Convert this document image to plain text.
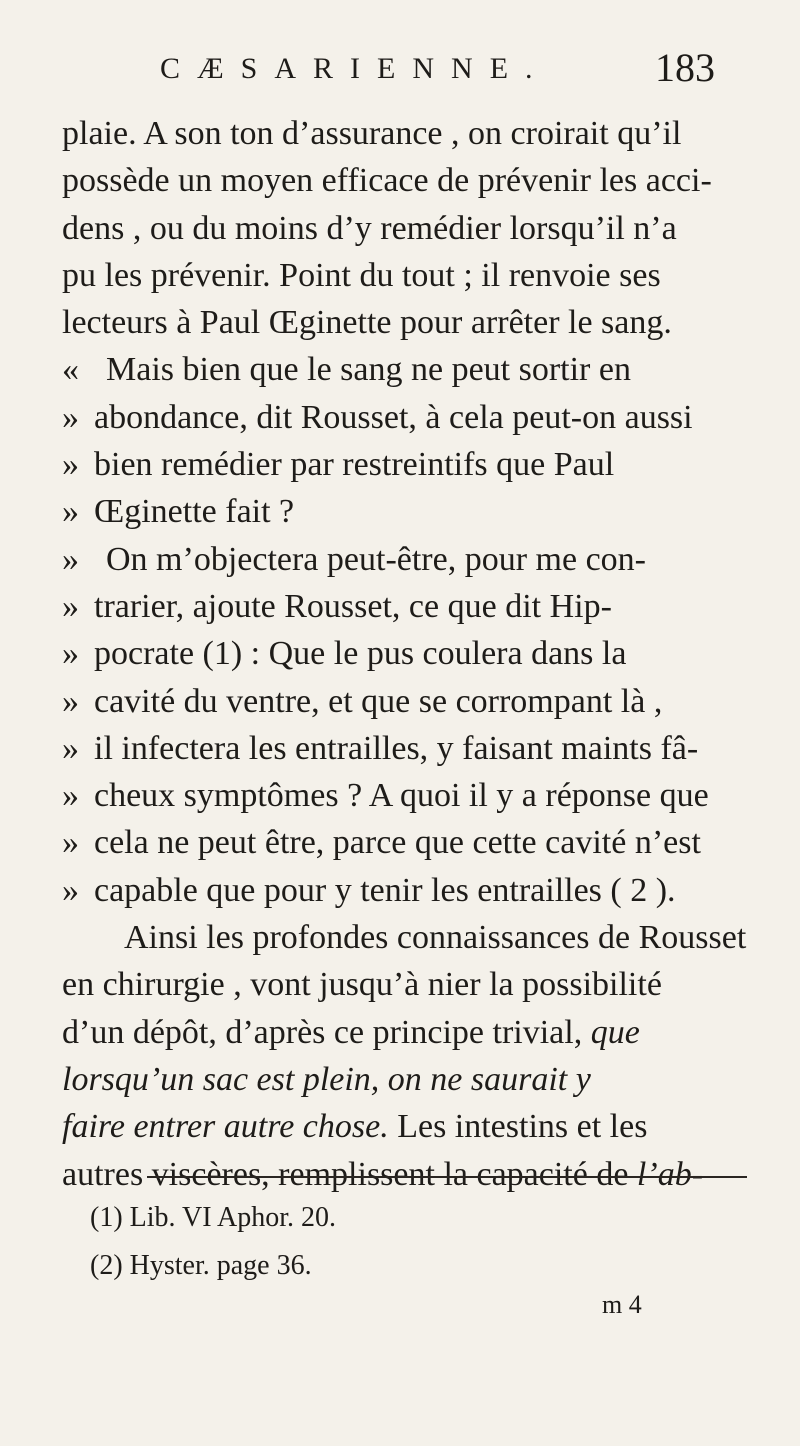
CÆSARIENNE.	183
plaie. A son ton d’assurance , on croirait qu’il
possède un moyen efficace de prévenir les acci-
dens , ou du moins d’y remédier lorsqu’il n’a
pu les prévenir. Point du tout ; il renvoie ses
lecteurs à Paul Œginette pour arrêter le sang.
« Mais bien que le sang ne peut sortir en
» abondance, dit Rousset, à cela peut-on aussi
» bien remédier par restreintifs que Paul
» Œginette fait ?
» On m’objectera peut-être, pour me con-
» trarier, ajoute Rousset, ce que dit Hip-
» pocrate (1) : Que le pus coulera dans la
» cavité du ventre, et que se corrompant là ,
» il infectera les entrailles, y faisant maints fâ-
» cheux symptômes ? A quoi il y a réponse que
» cela ne peut être, parce que cette cavité n’est
» capable que pour y tenir les entrailles ( 2 ).
Ainsi les profondes connaissances de Rousset
en chirurgie , vont jusqu’à nier la possibilité
d’un dépôt, d’après ce principe trivial, que
lorsqu’un sac est plein, on ne saurait y
faire entrer autre chose. Les intestins et les
autres viscères, remplissent la capacité de l’ab-
(1) Lib. VI Aphor. 20.
(2) Hyster. page 36.
m 4
